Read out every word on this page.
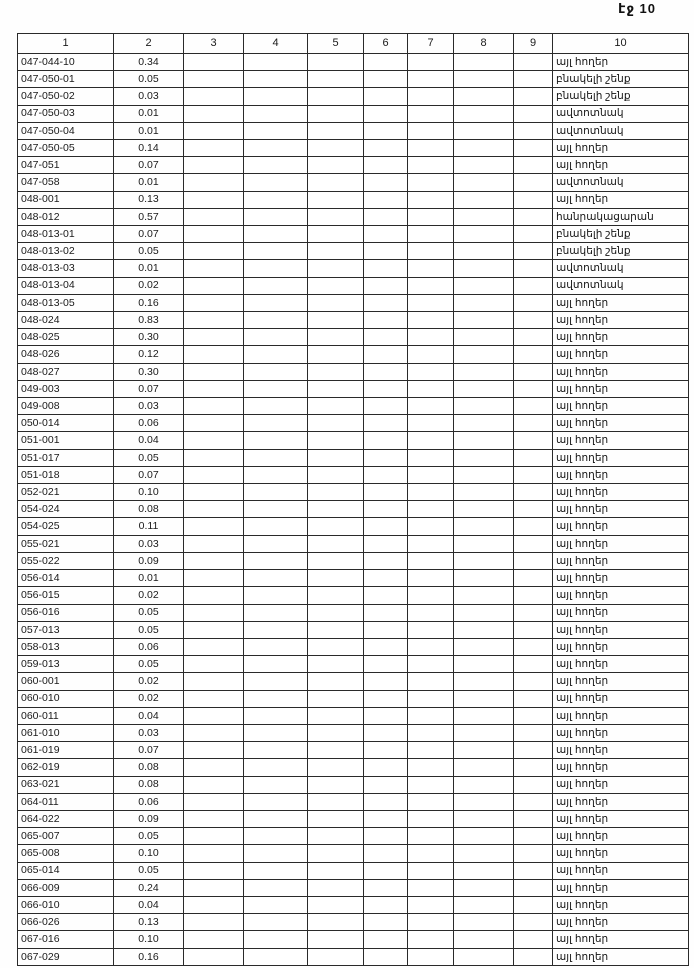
էջ 10
1	2	3	4	5	6	7	8	9	10
047-044-10	0.34								այլ հողեր
047-050-01	0.05								բնակելի շենք
047-050-02	0.03								բնակելի շենք
047-050-03	0.01								ավտոտնակ
047-050-04	0.01								ավտոտնակ
047-050-05	0.14								այլ հողեր
047-051	0.07								այլ հողեր
047-058	0.01								ավտոտնակ
048-001	0.13								այլ հողեր
048-012	0.57								հանրակացարան
048-013-01	0.07								բնակելի շենք
048-013-02	0.05								բնակելի շենք
048-013-03	0.01								ավտոտնակ
048-013-04	0.02								ավտոտնակ
048-013-05	0.16								այլ հողեր
048-024	0.83								այլ հողեր
048-025	0.30								այլ հողեր
048-026	0.12								այլ հողեր
048-027	0.30								այլ հողեր
049-003	0.07								այլ հողեր
049-008	0.03								այլ հողեր
050-014	0.06								այլ հողեր
051-001	0.04								այլ հողեր
051-017	0.05								այլ հողեր
051-018	0.07								այլ հողեր
052-021	0.10								այլ հողեր
054-024	0.08								այլ հողեր
054-025	0.11								այլ հողեր
055-021	0.03								այլ հողեր
055-022	0.09								այլ հողեր
056-014	0.01								այլ հողեր
056-015	0.02								այլ հողեր
056-016	0.05								այլ հողեր
057-013	0.05								այլ հողեր
058-013	0.06								այլ հողեր
059-013	0.05								այլ հողեր
060-001	0.02								այլ հողեր
060-010	0.02								այլ հողեր
060-011	0.04								այլ հողեր
061-010	0.03								այլ հողեր
061-019	0.07								այլ հողեր
062-019	0.08								այլ հողեր
063-021	0.08								այլ հողեր
064-011	0.06								այլ հողեր
064-022	0.09								այլ հողեր
065-007	0.05								այլ հողեր
065-008	0.10								այլ հողեր
065-014	0.05								այլ հողեր
066-009	0.24								այլ հողեր
066-010	0.04								այլ հողեր
066-026	0.13								այլ հողեր
067-016	0.10								այլ հողեր
067-029	0.16								այլ հողեր
